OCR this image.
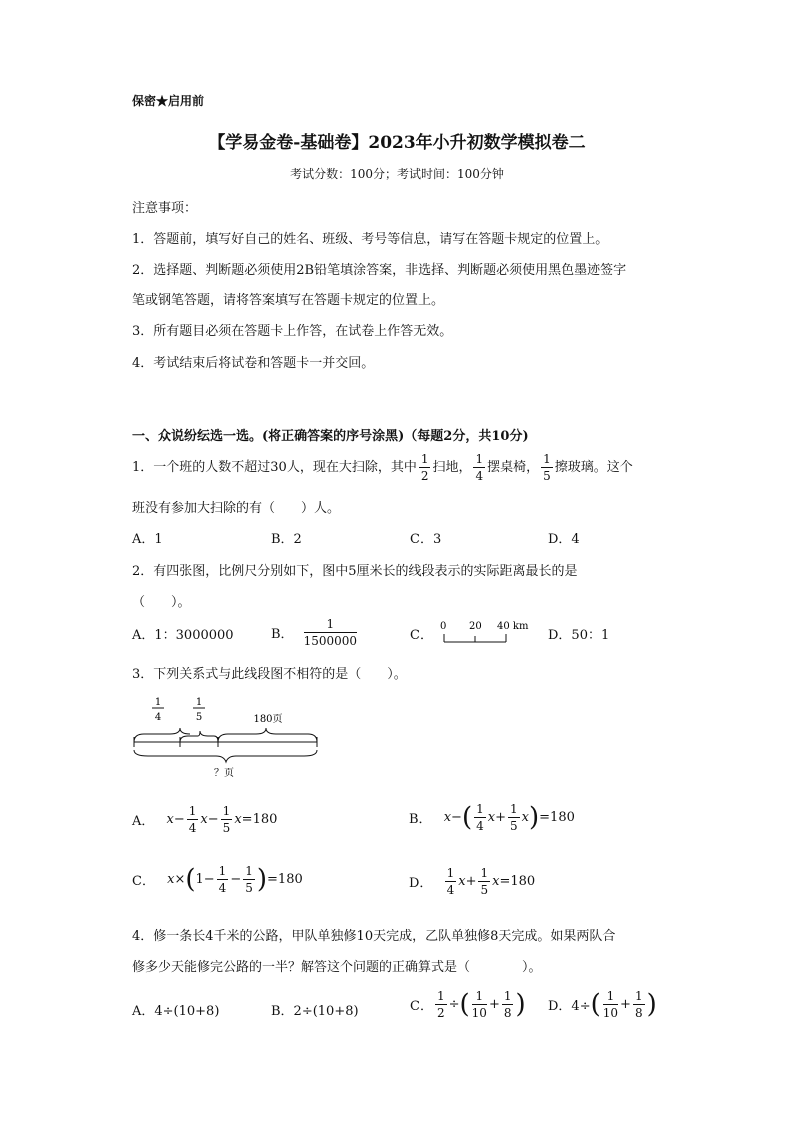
保密★启用前
【学易金卷-基础卷】2023年小升初数学模拟卷二
考试分数：100分；考试时间：100分钟
注意事项：
1．答题前，填写好自己的姓名、班级、考号等信息，请写在答题卡规定的位置上。
2．选择题、判断题必须使用2B铅笔填涂答案，非选择、判断题必须使用黑色墨迹签字
笔或钢笔答题，请将答案填写在答题卡规定的位置上。
3．所有题目必须在答题卡上作答，在试卷上作答无效。
4．考试结束后将试卷和答题卡一并交回。
一、众说纷纭选一选。(将正确答案的序号涂黑)（每题2分，共10分)
1．一个班的人数不超过30人，现在大扫除，其中 $\frac{1}{2}$ 扫地， $\frac{1}{4}$ 摆桌椅， $\frac{1}{5}$ 擦玻璃。这个
班没有参加大扫除的有（　　）人。
A．1	B．2	C．3	D．4
2．有四张图，比例尺分别如下，图中5厘米长的线段表示的实际距离最长的是
（　　）。
A．1：3000000	B． $\frac{1}{1500000}$	C．
0 20 40 km
D．50：1
3．下列关系式与此线段图不相符的是（　　）。
1
4
1
5	180页
？页
A． $x- \frac{1}{4} x- \frac{1}{5} x=180$	B． $x-( \frac{1}{4} x+ \frac{1}{5} x)=180$
C． $x\times(1- \frac{1}{4} - \frac{1}{5} )=180$	D． $\frac{1}{4} x+ \frac{1}{5} x=180$
4．修一条长4千米的公路，甲队单独修10天完成，乙队单独修8天完成。如果两队合
修多少天能修完公路的一半？解答这个问题的正确算式是（　　　　）。
A．4÷(10+8)	B．2÷(10+8)	C． $\frac{1}{2}$ ÷( $\frac{1}{10} + \frac{1}{8}$ ) D．$4\div( \frac{1}{10} + \frac{1}{8}$ )
